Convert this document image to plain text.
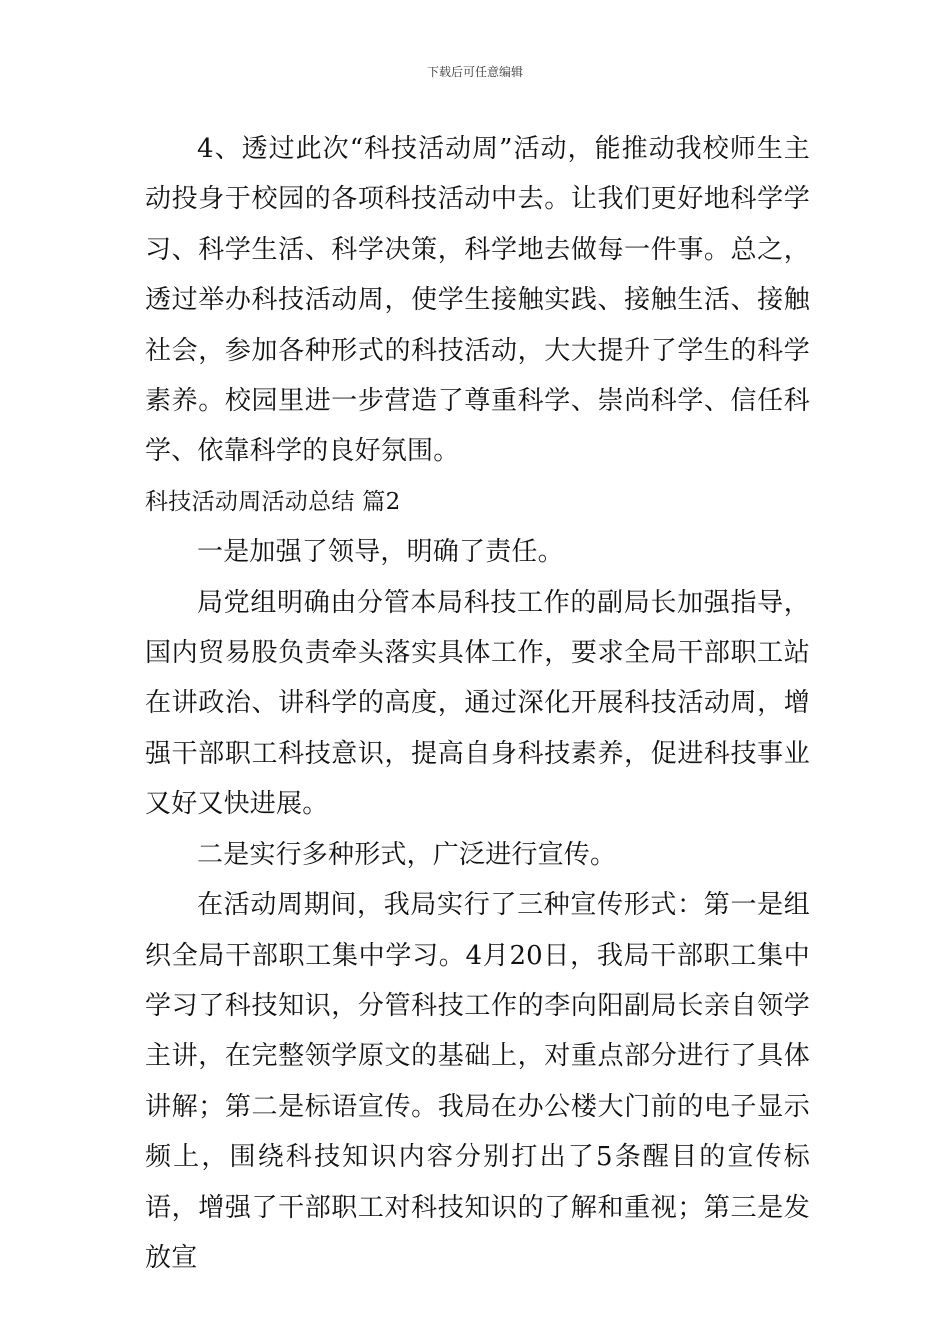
下载后可任意编辑

4、透过此次“科技活动周”活动，能推动我校师生主动投身于校园的各项科技活动中去。让我们更好地科学学习、科学生活、科学决策，科学地去做每一件事。总之，透过举办科技活动周，使学生接触实践、接触生活、接触社会，参加各种形式的科技活动，大大提升了学生的科学素养。校园里进一步营造了尊重科学、崇尚科学、信任科学、依靠科学的良好氛围。

科技活动周活动总结 篇2

一是加强了领导，明确了责任。

局党组明确由分管本局科技工作的副局长加强指导，国内贸易股负责牵头落实具体工作，要求全局干部职工站在讲政治、讲科学的高度，通过深化开展科技活动周，增强干部职工科技意识，提高自身科技素养，促进科技事业又好又快进展。

二是实行多种形式，广泛进行宣传。

在活动周期间，我局实行了三种宣传形式：第一是组织全局干部职工集中学习。4月20日，我局干部职工集中学习了科技知识，分管科技工作的李向阳副局长亲自领学主讲，在完整领学原文的基础上，对重点部分进行了具体讲解；第二是标语宣传。我局在办公楼大门前的电子显示频上，围绕科技知识内容分别打出了5条醒目的宣传标语，增强了干部职工对科技知识的了解和重视；第三是发放宣
